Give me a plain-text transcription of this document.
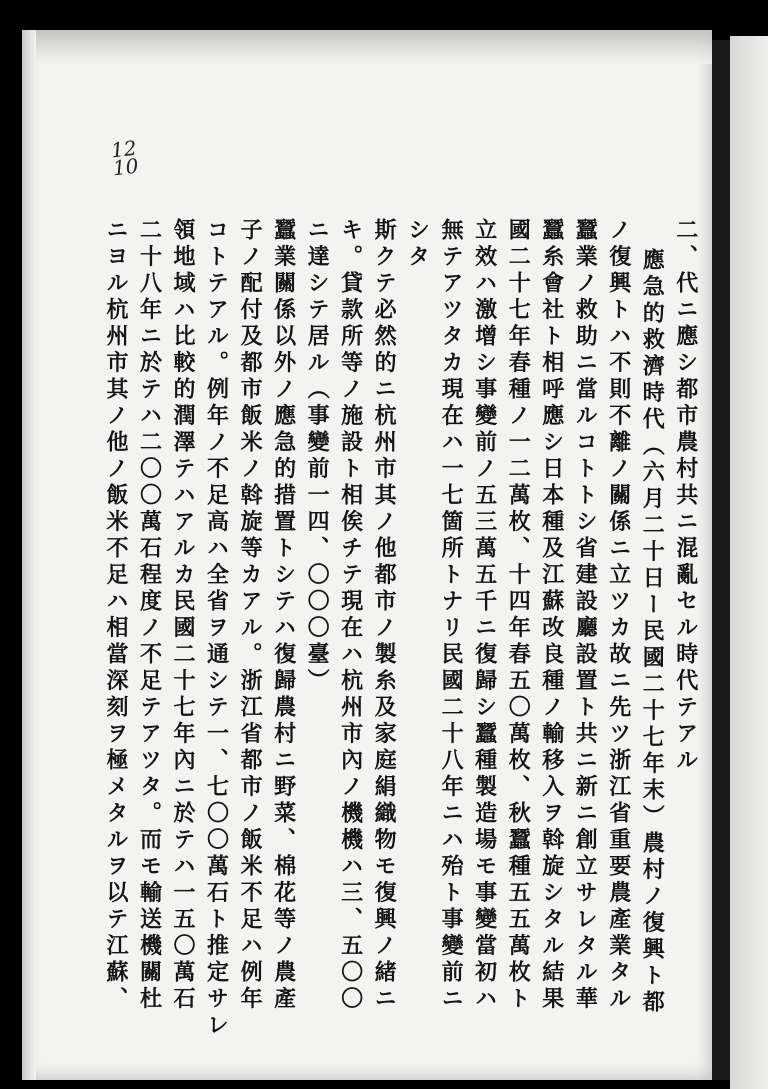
12
10
二、代ニ應シ都市農村共ニ混亂セル時代テアル
應急的救濟時代（六月二十日ー民國二十七年末）農村ノ復興ト都
ノ復興トハ不則不離ノ關係ニ立ツカ故ニ先ツ浙江省重要農產業タル
蠶業ノ救助ニ當ルコトトシ省建設廳設置ト共ニ新ニ創立サレタル華
蠶糸會社ト相呼應シ日本種及江蘇改良種ノ輸移入ヲ斡旋シタル結果
國二十七年春種ノ一二萬枚、十四年春五〇萬枚、秋蠶種五五萬枚ト
立效ハ激增シ事變前ノ五三萬五千ニ復歸シ蠶種製造場モ事變當初ハ
無テアツタカ現在ハ一七箇所トナリ民國二十八年ニハ殆ト事變前ニ
シタ
斯クテ必然的ニ杭州市其ノ他都市ノ製糸及家庭絹織物モ復興ノ緒ニ
キ。貸款所等ノ施設ト相俟チテ現在ハ杭州市內ノ機機ハ三、五〇〇
ニ達シテ居ル（事變前一四、〇〇〇臺）
蠶業關係以外ノ應急的措置トシテハ復歸農村ニ野菜、棉花等ノ農產
子ノ配付及都市飯米ノ斡旋等カアル。浙江省都市ノ飯米不足ハ例年
コトテアル。例年ノ不足高ハ全省ヲ通シテ一、七〇〇萬石ト推定サレ
領地域ハ比較的潤澤テハアルカ民國二十七年內ニ於テハ一五〇萬石
二十八年ニ於テハ二〇〇萬石程度ノ不足テアツタ。而モ輸送機關杜
ニヨル杭州市其ノ他ノ飯米不足ハ相當深刻ヲ極メタルヲ以テ江蘇、
